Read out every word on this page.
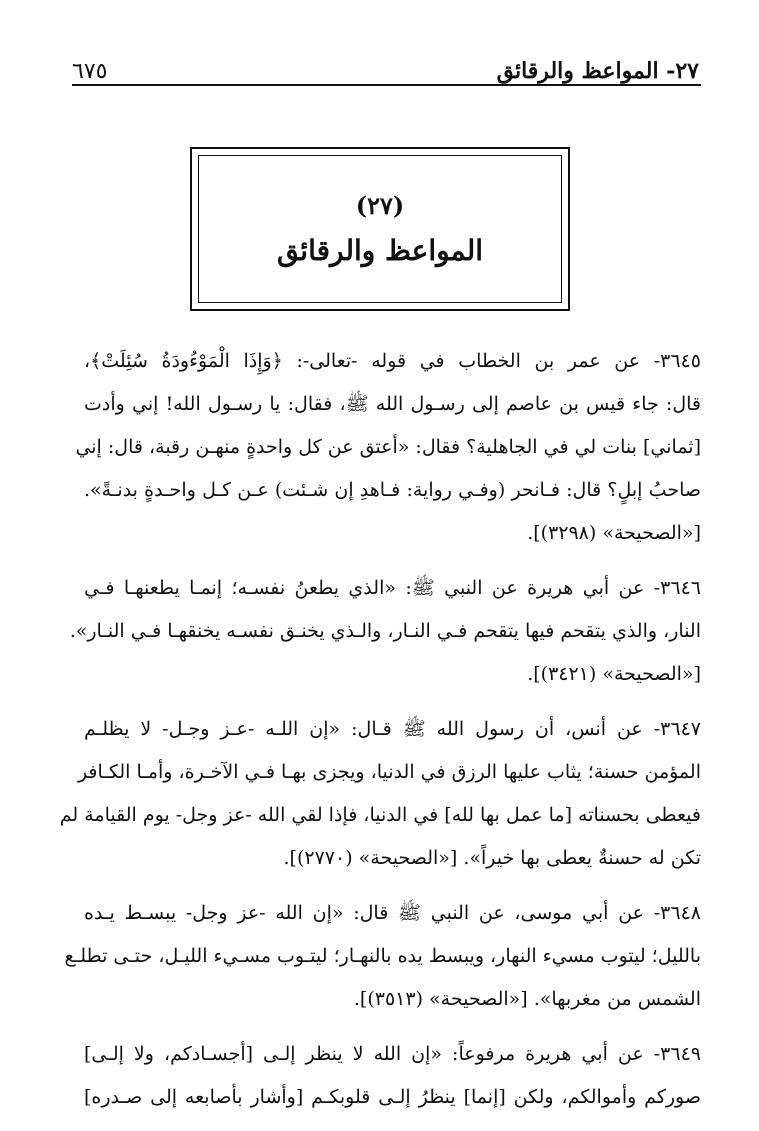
٢٧- المواعظ والرقائق
٦٧٥
(٢٧)
المواعظ والرقائق
٣٦٤٥- عن عمر بن الخطاب في قوله -تعالى-: ﴿وَإِذَا الْمَوْءُودَةُ سُئِلَتْ﴾،
قال: جاء قيس بن عاصم إلى رسـول الله ﷺ، فقال: يا رسـول الله! إني وأدت
[ثماني] بنات لي في الجاهلية؟ فقال: «أعتق عن كل واحدةٍ منهـن رقبة، قال: إني
صاحبُ إبلٍ؟ قال: فـانحر (وفـي رواية: فـاهدِ إن شـئت) عـن كـل واحـدةٍ بدنـةً».
[«الصحيحة» (٣٢٩٨)].
٣٦٤٦- عن أبي هريرة عن النبي ﷺ: «الذي يطعنُ نفسـه؛ إنمـا يطعنهـا فـي
النار، والذي يتقحم فيها يتقحم فـي النـار، والـذي يخنـق نفسـه يخنقهـا فـي النـار».
[«الصحيحة» (٣٤٢١)].
٣٦٤٧- عن أنس، أن رسول الله ﷺ قـال: «إن اللـه -عـز وجـل- لا يظلـم
المؤمن حسنة؛ يثاب عليها الرزق في الدنيا، ويجزى بهـا فـي الآخـرة، وأمـا الكـافر
فيعطى بحسناته [ما عمل بها لله] في الدنيا، فإذا لقي الله -عز وجل- يوم القيامة لم
تكن له حسنةٌ يعطى بها خيراً». [«الصحيحة» (٢٧٧٠)].
٣٦٤٨- عن أبي موسى، عن النبي ﷺ قال: «إن الله -عز وجل- يبسـط يـده
بالليل؛ ليتوب مسيء النهار، ويبسط يده بالنهـار؛ ليتـوب مسـيء الليـل، حتـى تطلـع
الشمس من مغربها». [«الصحيحة» (٣٥١٣)].
٣٦٤٩- عن أبي هريرة مرفوعاً: «إن الله لا ينظر إلـى [أجسـادكم، ولا إلـى]
صوركم وأموالكم، ولكن [إنما] ينظرُ إلـى قلوبكـم [وأشار بأصابعه إلى صـدره]
